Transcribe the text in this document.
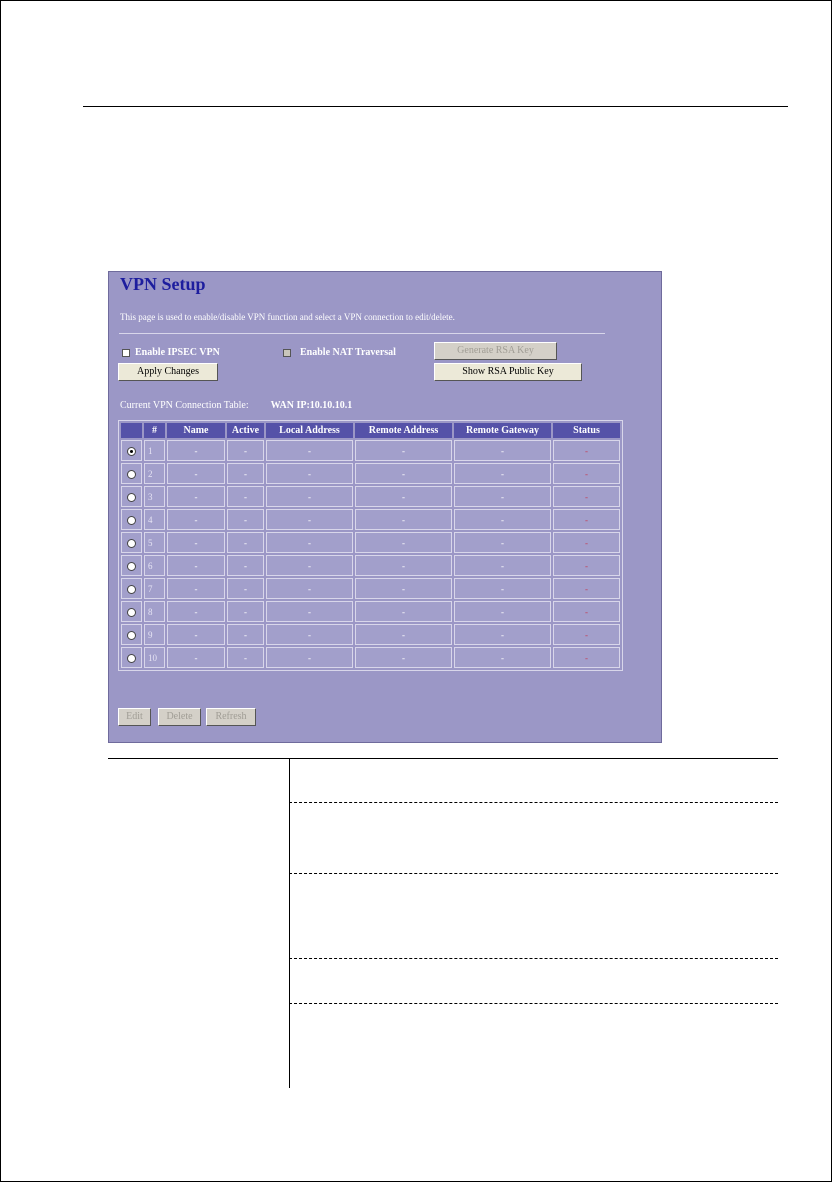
VPN Setup
This page is used to enable/disable VPN function and select a VPN connection to edit/delete.
Enable IPSEC VPN	Enable NAT Traversal	Generate RSA Key
Apply Changes	Show RSA Public Key
Current VPN Connection Table: WAN IP:10.10.10.1
	#	Name	Active	Local Address	Remote Address	Remote Gateway	Status
	1	-	-	-	-	-	-
	2	-	-	-	-	-	-
	3	-	-	-	-	-	-
	4	-	-	-	-	-	-
	5	-	-	-	-	-	-
	6	-	-	-	-	-	-
	7	-	-	-	-	-	-
	8	-	-	-	-	-	-
	9	-	-	-	-	-	-
	10	-	-	-	-	-	-
Edit	Delete	Refresh
